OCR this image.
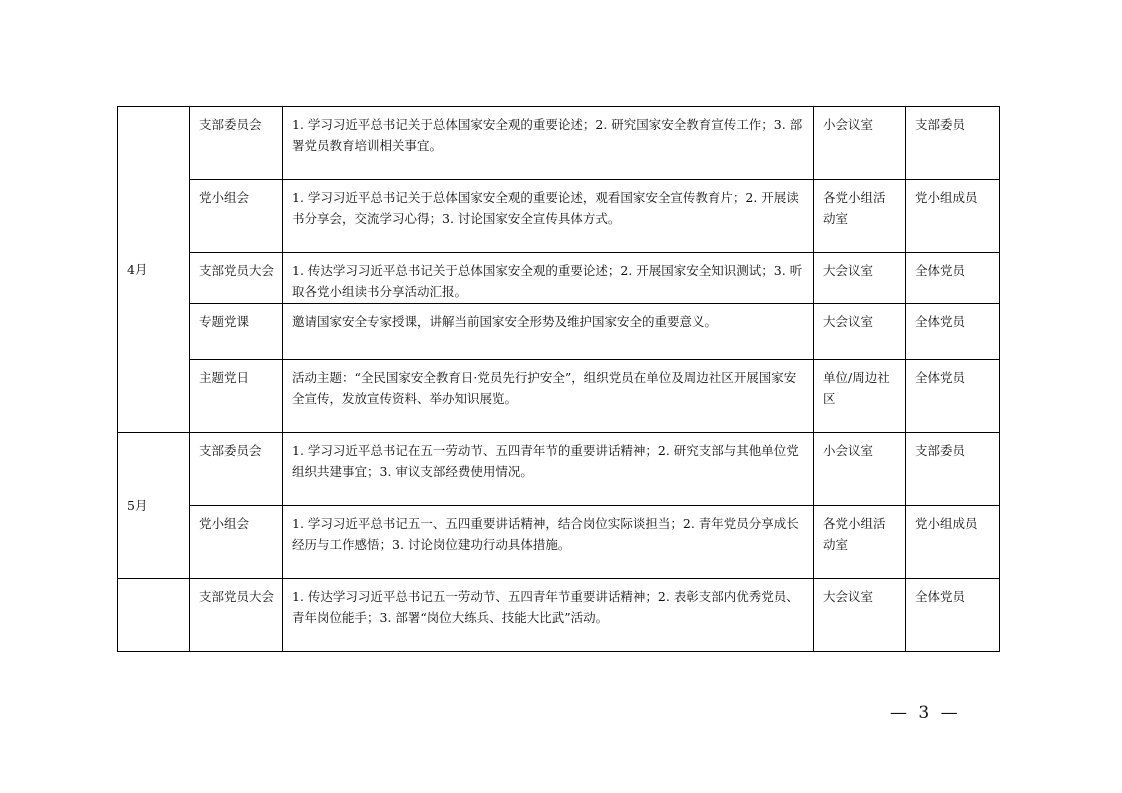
4月	支部委员会	1. 学习习近平总书记关于总体国家安全观的重要论述；2. 研究国家安全教育宣传工作；3. 部署党员教育培训相关事宜。	小会议室	支部委员
	党小组会	1. 学习习近平总书记关于总体国家安全观的重要论述，观看国家安全宣传教育片；2. 开展读书分享会，交流学习心得；3. 讨论国家安全宣传具体方式。	各党小组活动室	党小组成员
	支部党员大会	1. 传达学习习近平总书记关于总体国家安全观的重要论述；2. 开展国家安全知识测试；3. 听取各党小组读书分享活动汇报。	大会议室	全体党员
	专题党课	邀请国家安全专家授课，讲解当前国家安全形势及维护国家安全的重要意义。	大会议室	全体党员
	主题党日	活动主题：“全民国家安全教育日·党员先行护安全”，组织党员在单位及周边社区开展国家安全宣传，发放宣传资料、举办知识展览。	单位/周边社区	全体党员
5月	支部委员会	1. 学习习近平总书记在五一劳动节、五四青年节的重要讲话精神；2. 研究支部与其他单位党组织共建事宜；3. 审议支部经费使用情况。	小会议室	支部委员
	党小组会	1. 学习习近平总书记五一、五四重要讲话精神，结合岗位实际谈担当；2. 青年党员分享成长经历与工作感悟；3. 讨论岗位建功行动具体措施。	各党小组活动室	党小组成员
	支部党员大会	1. 传达学习习近平总书记五一劳动节、五四青年节重要讲话精神；2. 表彰支部内优秀党员、青年岗位能手；3. 部署“岗位大练兵、技能大比武”活动。	大会议室	全体党员
— 3 —
